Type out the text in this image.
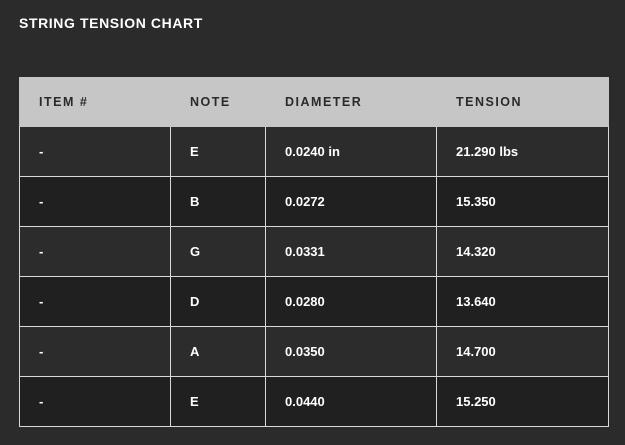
STRING TENSION CHART
ITEM #	NOTE	DIAMETER	TENSION
-	E	0.0240 in	21.290 lbs
-	B	0.0272	15.350
-	G	0.0331	14.320
-	D	0.0280	13.640
-	A	0.0350	14.700
-	E	0.0440	15.250
